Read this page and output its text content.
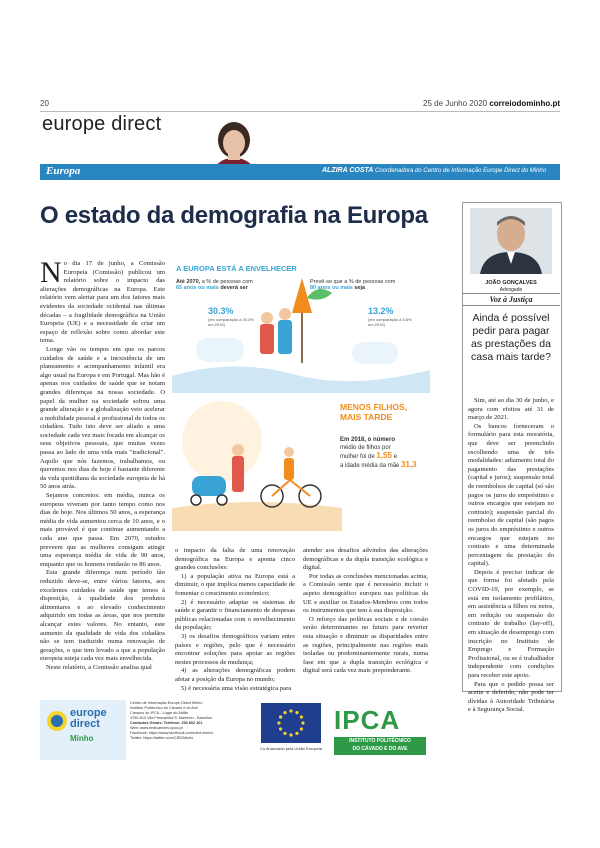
20	25 de Junho 2020 correiodominho.pt
europe direct
Europa	ALZIRA COSTA Coordenadora do Centro de Informação Europe Direct do Minho
O estado da demografia na Europa

No dia 17 de junho, a Comissão Europeia (Comissão) publicou um relatório sobre o impacto das alterações demográficas na Europa. Este relatório vem alertar para um dos fatores mais evidentes da sociedade ocidental nas últimas décadas – a fragilidade demográfica na União Europeia (UE) e a necessidade de criar um espaço de reflexão sobre como abordar este tema.

Longe vão os tempos em que os parcos cuidados de saúde e a inexistência de um planeamento e acompanhamento infantil era algo usual na Europa e em Portugal. Mas hão é apenas nos cuidados de saúde que se notam grandes diferenças na nossa sociedade. O papel da mulher na sociedade sofreu uma grande alteração e a globalização veio acelerar a mobilidade pessoal e profissional de todos os cidadãos. Tudo isto deve ser aliado a uma sociedade cada vez mais focada em alcançar os seus objetivos pessoais, que muitas vezes passa ao lado de uma vida mais "tradicional". Aquilo que nós fazemos, trabalhamos, ou queremos nos dias de hoje é bastante diferente da vida quotidiana da sociedade europeia de há 50 anos atrás.

Sejamos concretos: em média, nunca os europeus viveram por tanto tempo como nos dias de hoje. Nos últimos 50 anos, a esperança média de vida aumentou cerca de 10 anos, e o mais provável é que continue aumentando a cada ano que passa. Em 2070, estudos preveem que as mulheres consigam atingir uma esperança média de vida de 90 anos, enquanto que os homens rondarão os 86 anos.

Esta grande diferença num período tão reduzido deve-se, entre vários fatores, aos excelentes cuidados de saúde que temos à disposição, à qualidade dos produtos alimentares e ao elevado conhecimento adquirido em todas as áreas, que nos permite alcançar estes valores. No entanto, este aumento da qualidade de vida dos cidadãos não se tem traduzido numa renovação de gerações, o que tem levado a que a população europeia esteja cada vez mais envelhecida.

Neste relatório, a Comissão analisa qual

A EUROPA ESTÁ A ENVELHECER
Até 2070, a % de pessoas com
65 anos ou mais deverá ser
Prevê-se que a % de pessoas com
80 anos ou mais seja
30.3%
(em comparação a 20.3% em 2019)
13.2%
(em comparação a 5.8% em 2019)
MENOS FILHOS,
MAIS TARDE
Em 2018, o número
médio de filhos por
mulher foi de 1,55 e
a idade média da mãe 31,3

o impacto da falta de uma renovação demográfica na Europa e aponta cinco grandes conclusões:

1) a população ativa na Europa está a diminuir, o que implica menos capacidade de fomentar o crescimento económico;

2) é necessário adaptar os sistemas de saúde e garantir o financiamento de despesas públicas relacionadas com o envelhecimento da população;

3) os desafios demográficos variam entre países e regiões, pelo que é necessário encontrar soluções para apoiar as regiões nestes processos de mudança;

4) as alterações demográficas podem afetar a posição da Europa no mundo;

5) é necessária uma visão estratégica para

atender aos desafios advindos das alterações demográficas e da dupla transição ecológica e digital.

Por todas as conclusões mencionadas acima, a Comissão sente que é necessário incluir o aspeto demográfico europeu nas políticas da UE e auxiliar os Estados-Membros com todos os instrumentos que tem à sua disposição.

O reforço das políticas sociais e de coesão serão determinantes no futuro para reverter esta situação e diminuir as disparidades entre as regiões, principalmente nas regiões mais isoladas ou predominantemente rurais, numa fase em que a dupla transição ecológica e digital será cada vez mais preponderante.

JOÃO GONÇALVES
Advogado
Voz à Justiça
Ainda é possível pedir para pagar as prestações da casa mais tarde?

Sim, até ao dia 30 de junho, e agora com efeitos até 31 de março de 2021.

Os bancos forneceram o formulário para esta moratória, que deve ser preenchido escolhendo uma de três modalidades: adiamento total do pagamento das prestações (capital e juros); suspensão total de reembolsos de capital (só são pagos os juros do empréstimo e outros encargos que estejam no contrato); suspensão parcial do reembolso de capital (são pagos os juros do empréstimo e outros encargos que estejam no contrato e uma determinada percentagem da prestação do capital).

Depois é preciso indicar de que forma foi afetado pela COVID-19, por exemplo, se está em isolamento profilático, em assistência a filhos ou netos, em redução ou suspensão do contrato de trabalho (lay-off), em situação de desemprego com inscrição no Instituto de Emprego e Formação Profissional, ou se é trabalhador independente com condições para receber este apoio.

Para que o pedido possa ser aceite e deferido, não pode ter dívidas à Autoridade Tributária e à Segurança Social.

europe
direct
Minho
Centro de Informação Europe Direct Minho
Instituto Politécnico do Cávado e do Ave
Campus do IPCA - Lugar do Aldão
4750-810 Vila Frescainha S. Martinho - Barcelos
Contactos Gerais: Telefone: 253 802 201
Web: www.eedicaminho.ipca.pt
Facebook: https://www.facebook.com/cied.minho/
Twitter: https://twitter.com/CIEDMinho
Co-financiado pela União Europeia
IPCA
INSTITUTO POLITÉCNICO
DO CÁVADO E DO AVE
